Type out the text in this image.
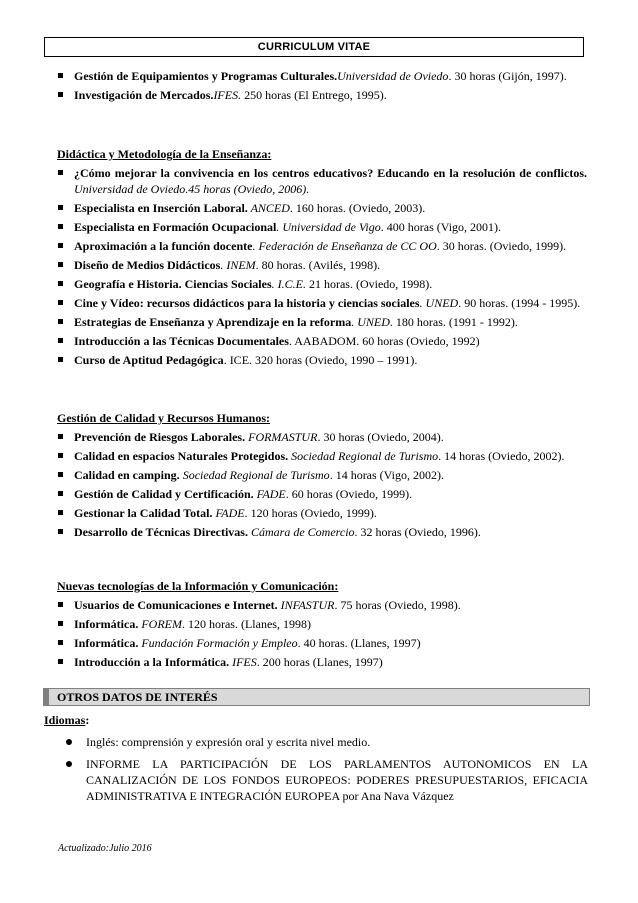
CURRICULUM VITAE
Gestión de Equipamientos y Programas Culturales.Universidad de Oviedo. 30 horas (Gijón, 1997).
Investigación de Mercados.IFES. 250 horas (El Entrego, 1995).
Didáctica y Metodología de la Enseñanza:
¿Cómo mejorar la convivencia en los centros educativos? Educando en la resolución de conflictos. Universidad de Oviedo.45 horas (Oviedo, 2006).
Especialista en Inserción Laboral. ANCED. 160 horas. (Oviedo, 2003).
Especialista en Formación Ocupacional. Universidad de Vigo. 400 horas (Vigo, 2001).
Aproximación a la función docente. Federación de Enseñanza de CC OO. 30 horas. (Oviedo, 1999).
Diseño de Medios Didácticos. INEM. 80 horas. (Avilés, 1998).
Geografía e Historia. Ciencias Sociales. I.C.E. 21 horas. (Oviedo, 1998).
Cine y Vídeo: recursos didácticos para la historia y ciencias sociales. UNED. 90 horas. (1994 - 1995).
Estrategias de Enseñanza y Aprendizaje en la reforma. UNED. 180 horas. (1991 - 1992).
Introducción a las Técnicas Documentales. AABADOM. 60 horas (Oviedo, 1992)
Curso de Aptitud Pedagógica. ICE. 320 horas (Oviedo, 1990 – 1991).
Gestión de Calidad y Recursos Humanos:
Prevención de Riesgos Laborales. FORMASTUR. 30 horas (Oviedo, 2004).
Calidad en espacios Naturales Protegidos. Sociedad Regional de Turismo. 14 horas (Oviedo, 2002).
Calidad en camping. Sociedad Regional de Turismo. 14 horas (Vigo, 2002).
Gestión de Calidad y Certificación. FADE. 60 horas (Oviedo, 1999).
Gestionar la Calidad Total. FADE. 120 horas (Oviedo, 1999).
Desarrollo de Técnicas Directivas. Cámara de Comercio. 32 horas (Oviedo, 1996).
Nuevas tecnologías de la Información y Comunicación:
Usuarios de Comunicaciones e Internet. INFASTUR. 75 horas (Oviedo, 1998).
Informática. FOREM. 120 horas. (Llanes, 1998)
Informática. Fundación Formación y Empleo. 40 horas. (Llanes, 1997)
Introducción a la Informática. IFES. 200 horas (Llanes, 1997)
OTROS DATOS DE INTERÉS
Idiomas:
Inglés: comprensión y expresión oral y escrita nivel medio.
INFORME LA PARTICIPACIÓN DE LOS PARLAMENTOS AUTONOMICOS EN LA CANALIZACIÓN DE LOS FONDOS EUROPEOS: PODERES PRESUPUESTARIOS, EFICACIA ADMINISTRATIVA E INTEGRACIÓN EUROPEA por Ana Nava Vázquez
Actualizado:Julio 2016
